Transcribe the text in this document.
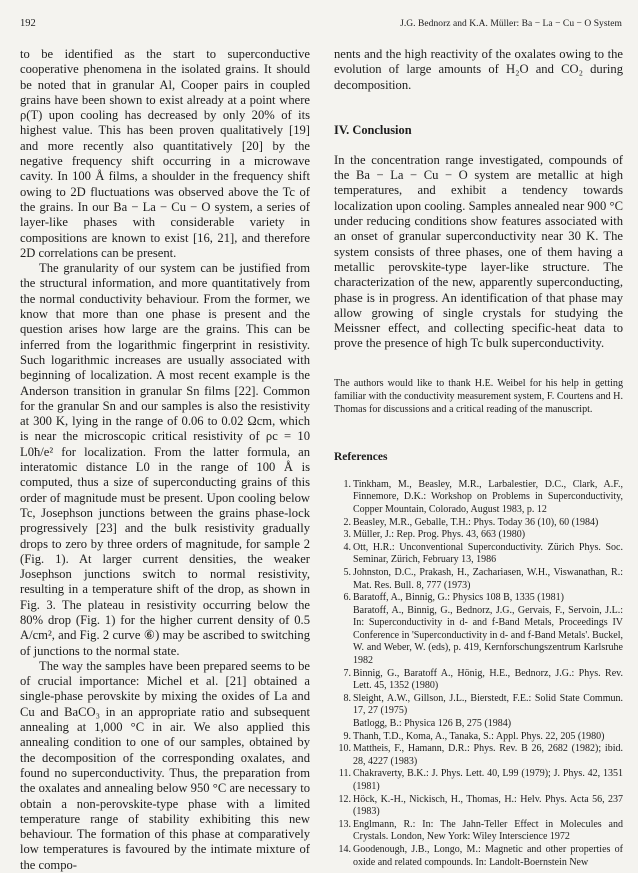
192	J.G. Bednorz and K.A. Müller: Ba − La − Cu − O System

to be identified as the start to superconductive cooperative phenomena in the isolated grains. It should be noted that in granular Al, Cooper pairs in coupled grains have been shown to exist already at a point where ρ(T) upon cooling has decreased by only 20% of its highest value. This has been proven qualitatively [19] and more recently also quantitatively [20] by the negative frequency shift occurring in a microwave cavity. In 100 Å films, a shoulder in the frequency shift owing to 2D fluctuations was observed above the Tc of the grains. In our Ba − La − Cu − O system, a series of layer-like phases with considerable variety in compositions are known to exist [16, 21], and therefore 2D correlations can be present.

The granularity of our system can be justified from the structural information, and more quantitatively from the normal conductivity behaviour. From the former, we know that more than one phase is present and the question arises how large are the grains. This can be inferred from the logarithmic fingerprint in resistivity. Such logarithmic increases are usually associated with beginning of localization. A most recent example is the Anderson transition in granular Sn films [22]. Common for the granular Sn and our samples is also the resistivity at 300 K, lying in the range of 0.06 to 0.02 Ωcm, which is near the microscopic critical resistivity of ρc = 10 L0ħ/e² for localization. From the latter formula, an interatomic distance L0 in the range of 100 Å is computed, thus a size of superconducting grains of this order of magnitude must be present. Upon cooling below Tc, Josephson junctions between the grains phase-lock progressively [23] and the bulk resistivity gradually drops to zero by three orders of magnitude, for sample 2 (Fig. 1). At larger current densities, the weaker Josephson junctions switch to normal resistivity, resulting in a temperature shift of the drop, as shown in Fig. 3. The plateau in resistivity occurring below the 80% drop (Fig. 1) for the higher current density of 0.5 A/cm², and Fig. 2 curve ⑥) may be ascribed to switching of junctions to the normal state.

The way the samples have been prepared seems to be of crucial importance: Michel et al. [21] obtained a single-phase perovskite by mixing the oxides of La and Cu and BaCO₃ in an appropriate ratio and subsequent annealing at 1,000 °C in air. We also applied this annealing condition to one of our samples, obtained by the decomposition of the corresponding oxalates, and found no superconductivity. Thus, the preparation from the oxalates and annealing below 950 °C are necessary to obtain a non-perovskite-type phase with a limited temperature range of stability exhibiting this new behaviour. The formation of this phase at comparatively low temperatures is favoured by the intimate mixture of the compo-

nents and the high reactivity of the oxalates owing to the evolution of large amounts of H₂O and CO₂ during decomposition.

IV. Conclusion

In the concentration range investigated, compounds of the Ba − La − Cu − O system are metallic at high temperatures, and exhibit a tendency towards localization upon cooling. Samples annealed near 900 °C under reducing conditions show features associated with an onset of granular superconductivity near 30 K. The system consists of three phases, one of them having a metallic perovskite-type layer-like structure. The characterization of the new, apparently superconducting, phase is in progress. An identification of that phase may allow growing of single crystals for studying the Meissner effect, and collecting specific-heat data to prove the presence of high Tc bulk superconductivity.

The authors would like to thank H.E. Weibel for his help in getting familiar with the conductivity measurement system, F. Courtens and H. Thomas for discussions and a critical reading of the manuscript.

References
1. Tinkham, M., Beasley, M.R., Larbalestier, D.C., Clark, A.F., Finnemore, D.K.: Workshop on Problems in Superconductivity, Copper Mountain, Colorado, August 1983, p. 12
2. Beasley, M.R., Geballe, T.H.: Phys. Today 36 (10), 60 (1984)
3. Müller, J.: Rep. Prog. Phys. 43, 663 (1980)
4. Ott, H.R.: Unconventional Superconductivity. Zürich Phys. Soc. Seminar, Zürich, February 13, 1986
5. Johnston, D.C., Prakash, H., Zachariasen, W.H., Viswanathan, R.: Mat. Res. Bull. 8, 777 (1973)
6. Baratoff, A., Binnig, G.: Physics 108 B, 1335 (1981)
Baratoff, A., Binnig, G., Bednorz, J.G., Gervais, F., Servoin, J.L.: In: Superconductivity in d- and f-Band Metals, Proceedings IV Conference in 'Superconductivity in d- and f-Band Metals'. Buckel, W. and Weber, W. (eds), p. 419, Kernforschungszentrum Karlsruhe 1982
7. Binnig, G., Baratoff A., Hönig, H.E., Bednorz, J.G.: Phys. Rev. Lett. 45, 1352 (1980)
8. Sleight, A.W., Gillson, J.L., Bierstedt, F.E.: Solid State Commun. 17, 27 (1975)
Batlogg, B.: Physica 126 B, 275 (1984)
9. Thanh, T.D., Koma, A., Tanaka, S.: Appl. Phys. 22, 205 (1980)
10. Mattheis, F., Hamann, D.R.: Phys. Rev. B 26, 2682 (1982); ibid. 28, 4227 (1983)
11. Chakraverty, B.K.: J. Phys. Lett. 40, L99 (1979); J. Phys. 42, 1351 (1981)
12. Höck, K.-H., Nickisch, H., Thomas, H.: Helv. Phys. Acta 56, 237 (1983)
13. Englmann, R.: In: The Jahn-Teller Effect in Molecules and Crystals. London, New York: Wiley Interscience 1972
14. Goodenough, J.B., Longo, M.: Magnetic and other properties of oxide and related compounds. In: Landolt-Boernstein New
